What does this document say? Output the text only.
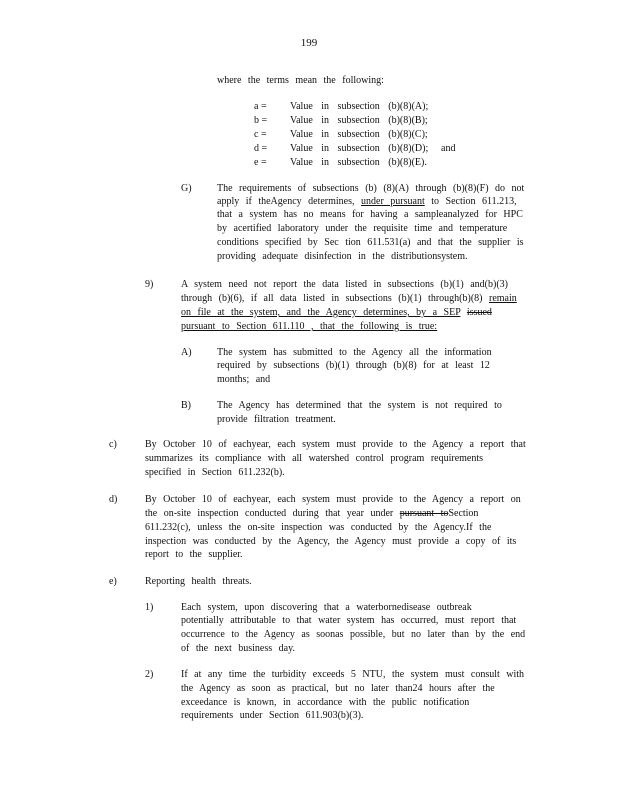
199
where the terms mean the following:
a = Value in subsection (b)(8)(A);
b = Value in subsection (b)(8)(B);
c = Value in subsection (b)(8)(C);
d = Value in subsection (b)(8)(D); and
e = Value in subsection (b)(8)(E).
G)	The requirements of subsections (b) (8)(A) through (b)(8)(F) do not
apply if theAgency determines, under pursuant to Section 611.213,
that a system has no means for having a sampleanalyzed for HPC
by acertified laboratory under the requisite time and temperature
conditions specified by Sec tion 611.531(a) and that the supplier is
providing adequate disinfection in the distributionsystem.
9)	A system need not report the data listed in subsections (b)(1) and(b)(3)
through (b)(6), if all data listed in subsections (b)(1) through(b)(8) remain
on file at the system, and the Agency determines, by a SEP issued
pursuant to Section 611.110 , that the following is true:
A)	The system has submitted to the Agency all the information
required by subsections (b)(1) through (b)(8) for at least 12
months; and
B)	The Agency has determined that the system is not required to
provide filtration treatment.
c)	By October 10 of eachyear, each system must provide to the Agency a report that
summarizes its compliance with all watershed control program requirements
specified in Section 611.232(b).
d)	By October 10 of eachyear, each system must provide to the Agency a report on
the on-site inspection conducted during that year under pursuant toSection
611.232(c), unless the on-site inspection was conducted by the Agency.If the
inspection was conducted by the Agency, the Agency must provide a copy of its
report to the supplier.
e)	Reporting health threats.
1)	Each system, upon discovering that a waterbornedisease outbreak
potentially attributable to that water system has occurred, must report that
occurrence to the Agency as soonas possible, but no later than by the end
of the next business day.
2)	If at any time the turbidity exceeds 5 NTU, the system must consult with
the Agency as soon as practical, but no later than24 hours after the
exceedance is known, in accordance with the public notification
requirements under Section 611.903(b)(3).
